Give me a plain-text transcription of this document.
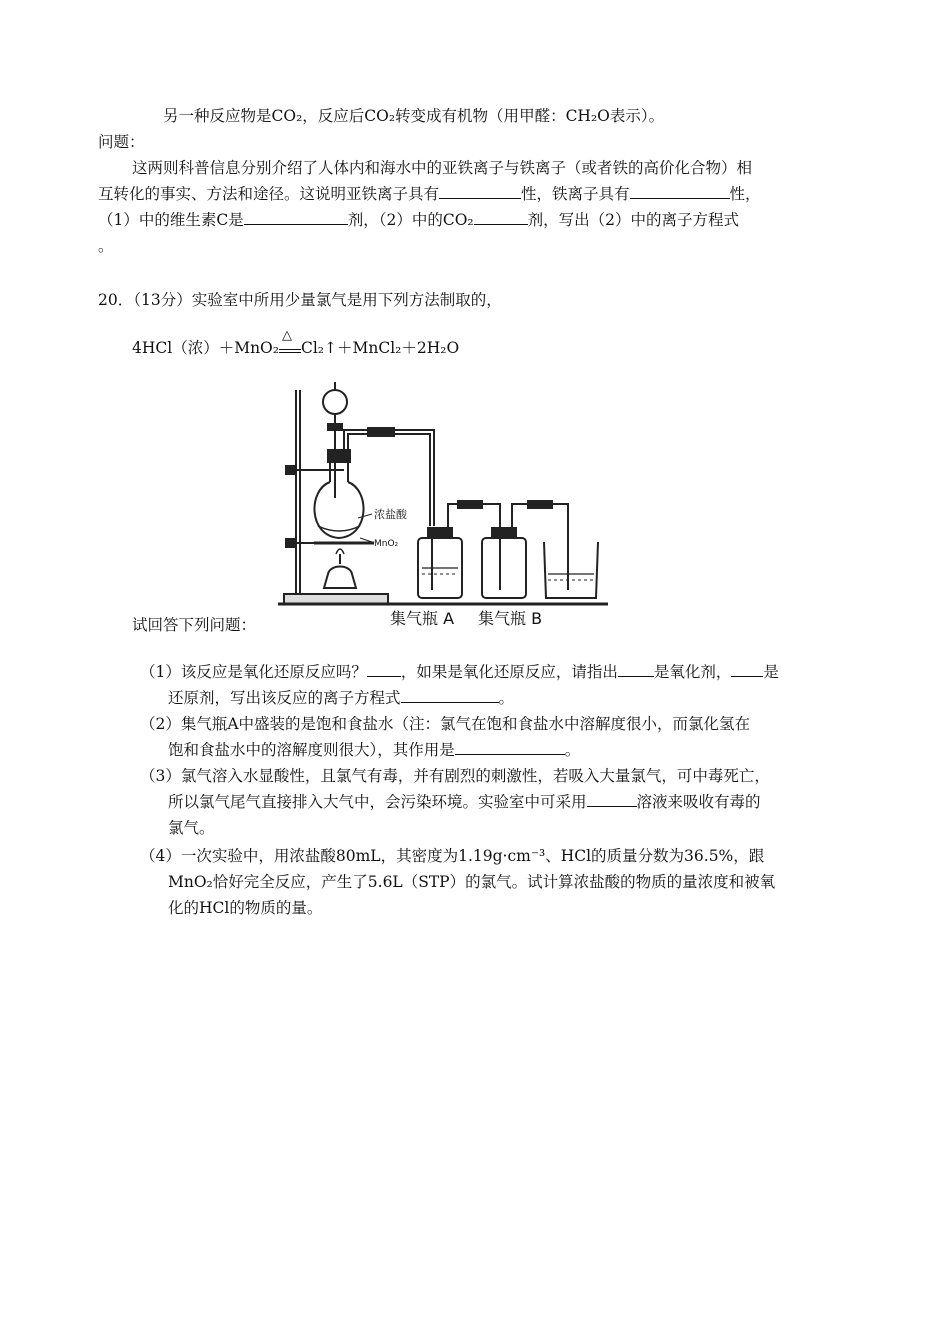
另一种反应物是CO₂，反应后CO₂转变成有机物（用甲醛：CH₂O表示）。
问题：
这两则科普信息分别介绍了人体内和海水中的亚铁离子与铁离子（或者铁的高价化合物）相
互转化的事实、方法和途径。这说明亚铁离子具有	性，铁离子具有	性，
（1）中的维生素C是	剂，（2）中的CO₂	剂，写出（2）中的离子方程式
。
20．（13分）实验室中所用少量氯气是用下列方法制取的，
4HCl（浓）＋MnO₂
△
Cl₂↑＋MnCl₂＋2H₂O
浓盐酸
MnO₂
集气瓶 A 集气瓶 B
试回答下列问题：
（1）该反应是氧化还原反应吗？ ，如果是氧化还原反应，请指出 是氧化剂， 是
还原剂，写出该反应的离子方程式	。
（2）集气瓶A中盛装的是饱和食盐水（注：氯气在饱和食盐水中溶解度很小，而氯化氢在
饱和食盐水中的溶解度则很大），其作用是	。
（3）氯气溶入水显酸性，且氯气有毒，并有剧烈的刺激性，若吸入大量氯气，可中毒死亡，
所以氯气尾气直接排入大气中，会污染环境。实验室中可采用	溶液来吸收有毒的
氯气。
（4）一次实验中，用浓盐酸80mL，其密度为1.19g·cm⁻³、HCl的质量分数为36.5%，跟
MnO₂恰好完全反应，产生了5.6L（STP）的氯气。试计算浓盐酸的物质的量浓度和被氧
化的HCl的物质的量。
